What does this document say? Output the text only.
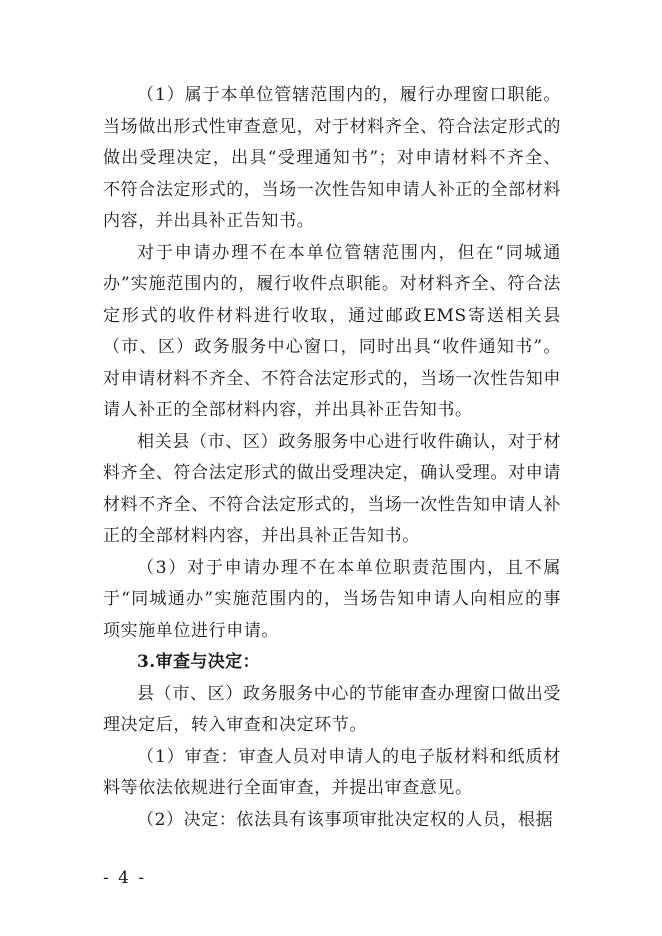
（1）属于本单位管辖范围内的，履行办理窗口职能。当场做出形式性审查意见，对于材料齐全、符合法定形式的做出受理决定，出具“受理通知书”；对申请材料不齐全、不符合法定形式的，当场一次性告知申请人补正的全部材料内容，并出具补正告知书。

对于申请办理不在本单位管辖范围内，但在“同城通办”实施范围内的，履行收件点职能。对材料齐全、符合法定形式的收件材料进行收取，通过邮政EMS寄送相关县（市、区）政务服务中心窗口，同时出具“收件通知书”。对申请材料不齐全、不符合法定形式的，当场一次性告知申请人补正的全部材料内容，并出具补正告知书。

相关县（市、区）政务服务中心进行收件确认，对于材料齐全、符合法定形式的做出受理决定，确认受理。对申请材料不齐全、不符合法定形式的，当场一次性告知申请人补正的全部材料内容，并出具补正告知书。

（3）对于申请办理不在本单位职责范围内，且不属于“同城通办”实施范围内的，当场告知申请人向相应的事项实施单位进行申请。

3.审查与决定：

县（市、区）政务服务中心的节能审查办理窗口做出受理决定后，转入审查和决定环节。

（1）审查：审查人员对申请人的电子版材料和纸质材料等依法依规进行全面审查，并提出审查意见。

（2）决定：依法具有该事项审批决定权的人员，根据

- 4 -
